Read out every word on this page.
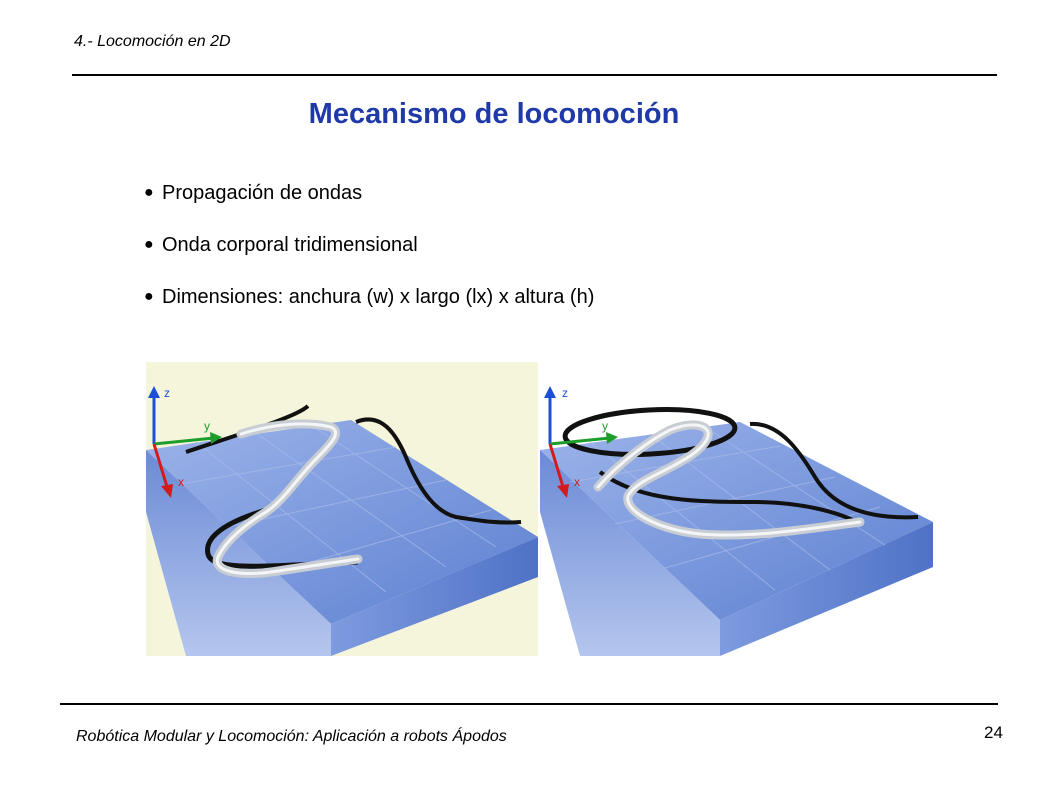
4.- Locomoción en 2D
Mecanismo de locomoción
● Propagación de ondas
● Onda corporal tridimensional
● Dimensiones: anchura (w) x largo (lx) x altura (h)
z
y
x
z
y
x
Robótica Modular y Locomoción: Aplicación a robots Ápodos	24
